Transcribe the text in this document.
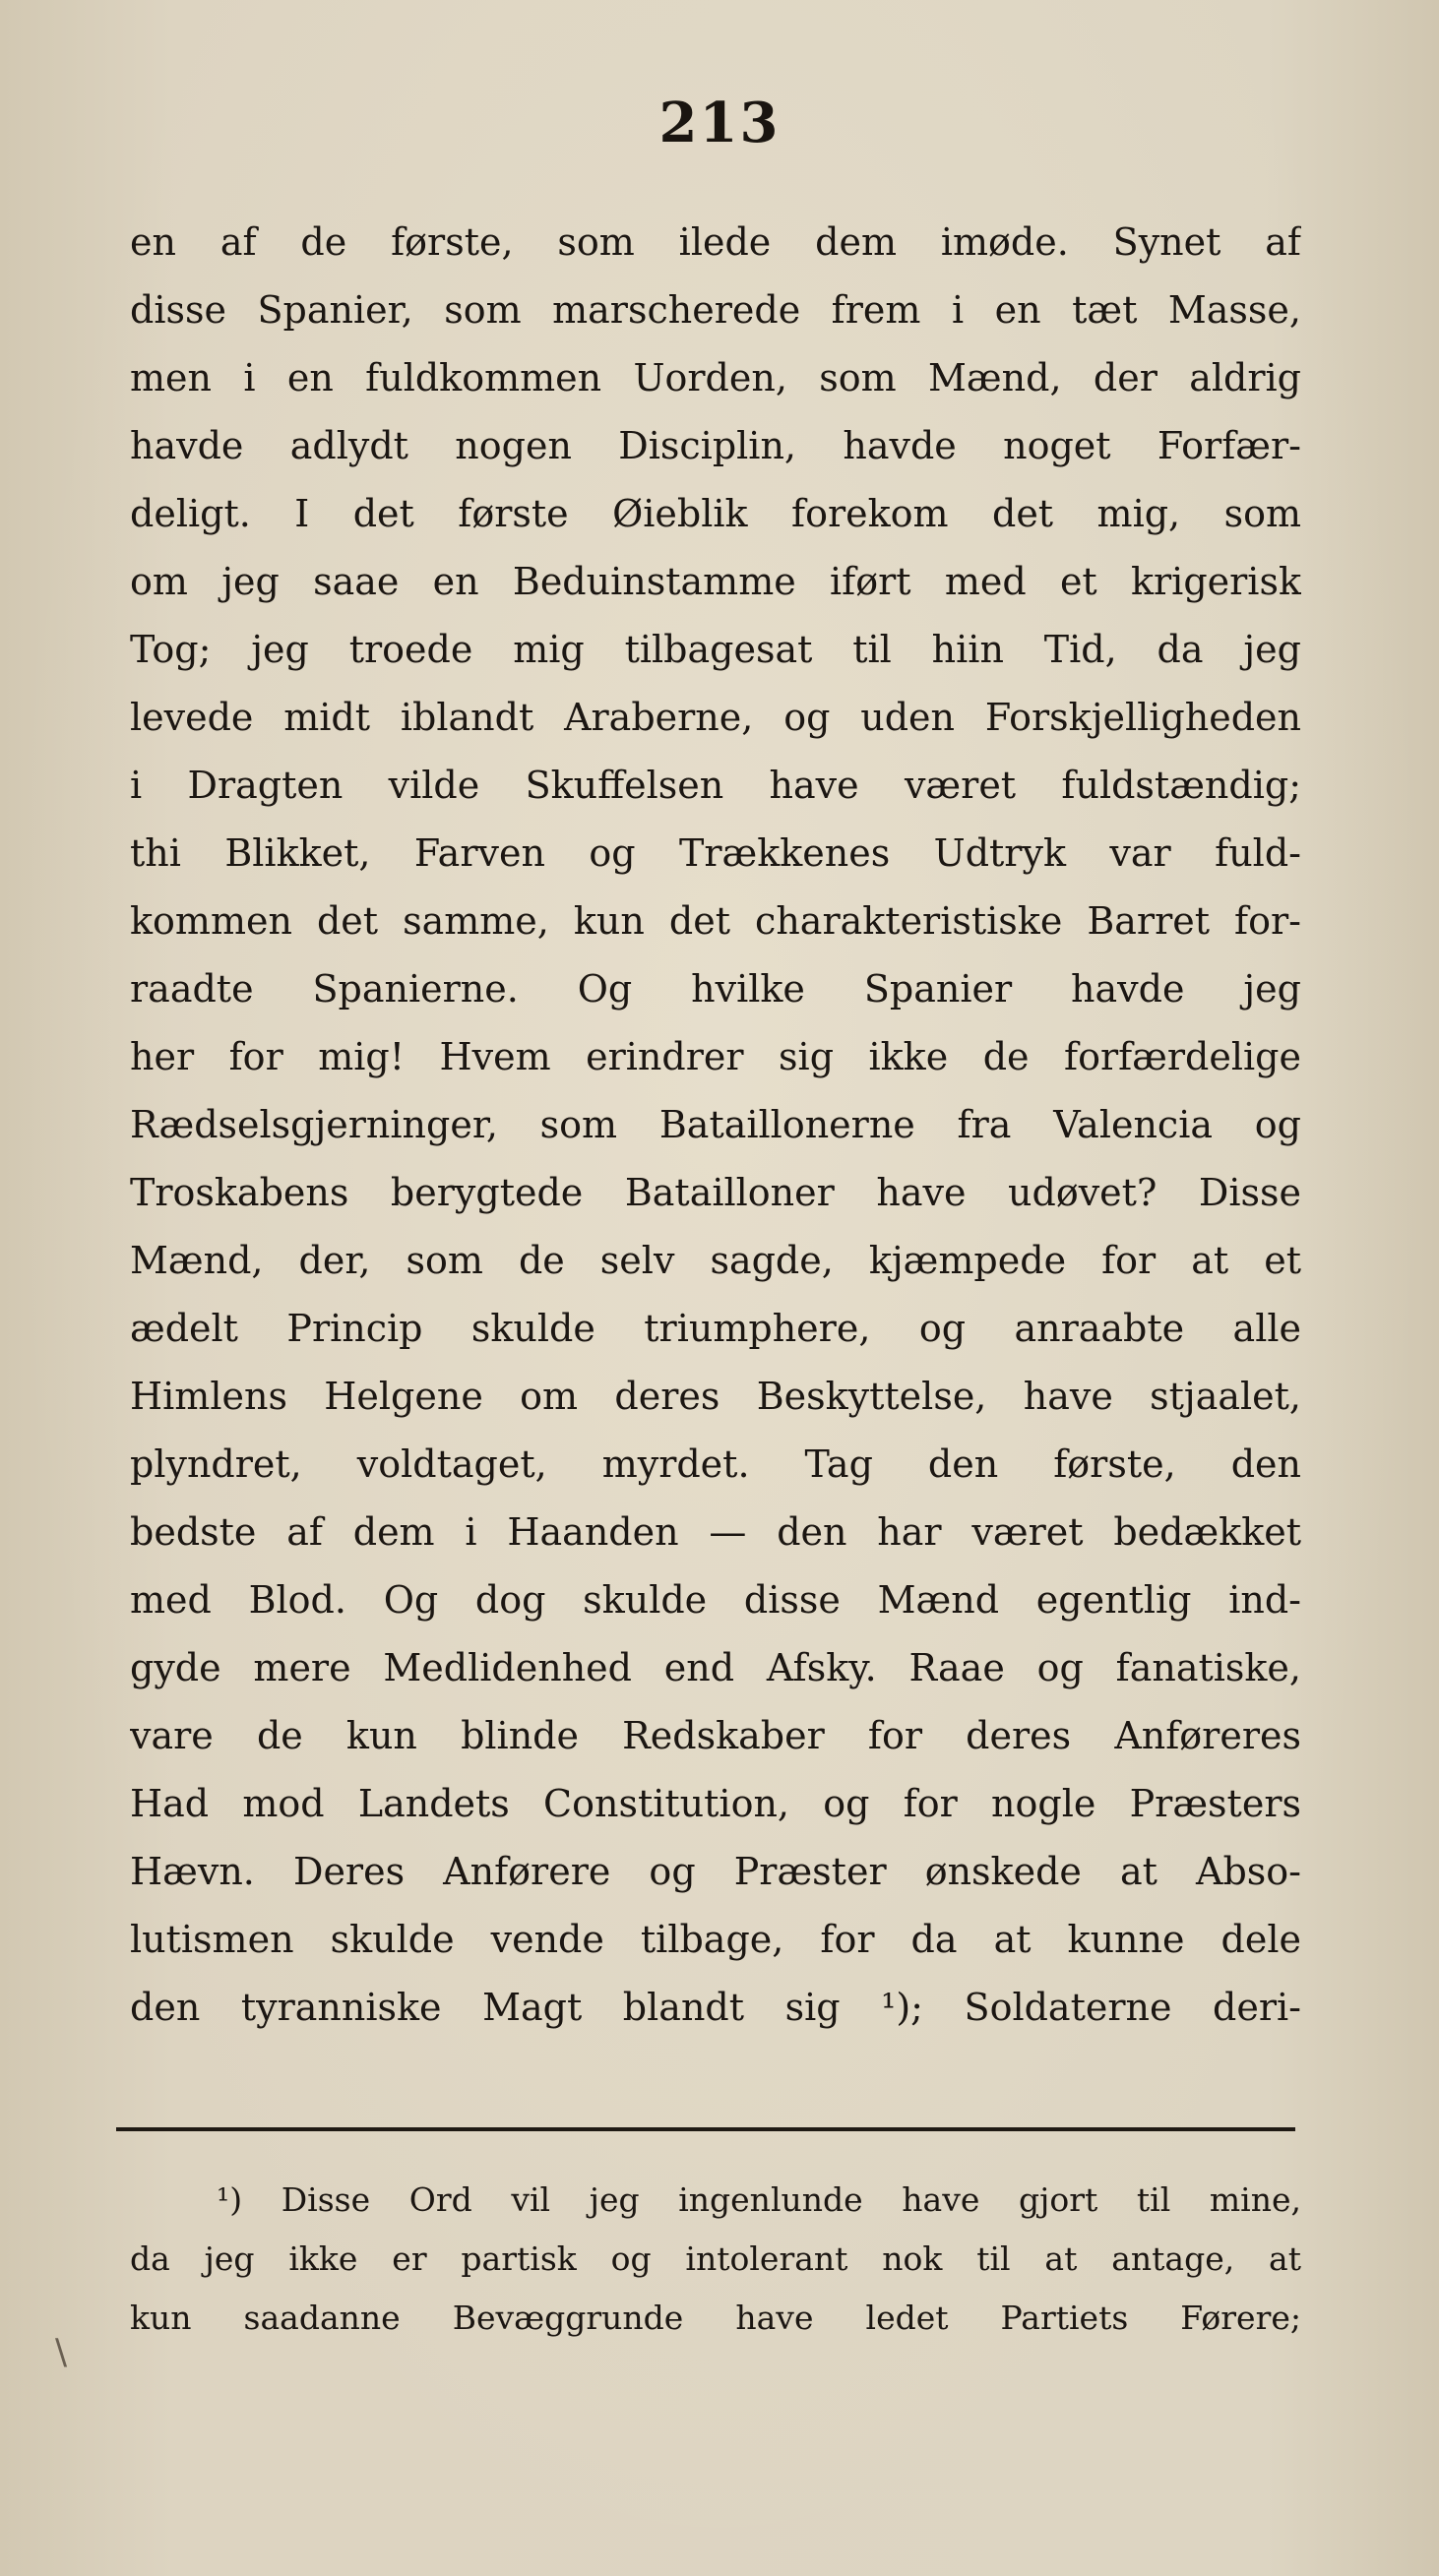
213
en af de første, som ilede dem imøde. Synet af
disse Spanier, som marscherede frem i en tæt Masse,
men i en fuldkommen Uorden, som Mænd, der aldrig
havde adlydt nogen Disciplin, havde noget Forfær-
deligt. I det første Øieblik forekom det mig, som
om jeg saae en Beduinstamme iført med et krigerisk
Tog; jeg troede mig tilbagesat til hiin Tid, da jeg
levede midt iblandt Araberne, og uden Forskjelligheden
i Dragten vilde Skuffelsen have været fuldstændig;
thi Blikket, Farven og Trækkenes Udtryk var fuld-
kommen det samme, kun det charakteristiske Barret for-
raadte Spanierne. Og hvilke Spanier havde jeg
her for mig! Hvem erindrer sig ikke de forfærdelige
Rædselsgjerninger, som Bataillonerne fra Valencia og
Troskabens berygtede Batailloner have udøvet? Disse
Mænd, der, som de selv sagde, kjæmpede for at et
ædelt Princip skulde triumphere, og anraabte alle
Himlens Helgene om deres Beskyttelse, have stjaalet,
plyndret, voldtaget, myrdet. Tag den første, den
bedste af dem i Haanden — den har været bedækket
med Blod. Og dog skulde disse Mænd egentlig ind-
gyde mere Medlidenhed end Afsky. Raae og fanatiske,
vare de kun blinde Redskaber for deres Anføreres
Had mod Landets Constitution, og for nogle Præsters
Hævn. Deres Anførere og Præster ønskede at Abso-
lutismen skulde vende tilbage, for da at kunne dele
den tyranniske Magt blandt sig ¹); Soldaterne deri-
¹) Disse Ord vil jeg ingenlunde have gjort til mine,
da jeg ikke er partisk og intolerant nok til at antage, at
kun saadanne Bevæggrunde have ledet Partiets Førere;
\
